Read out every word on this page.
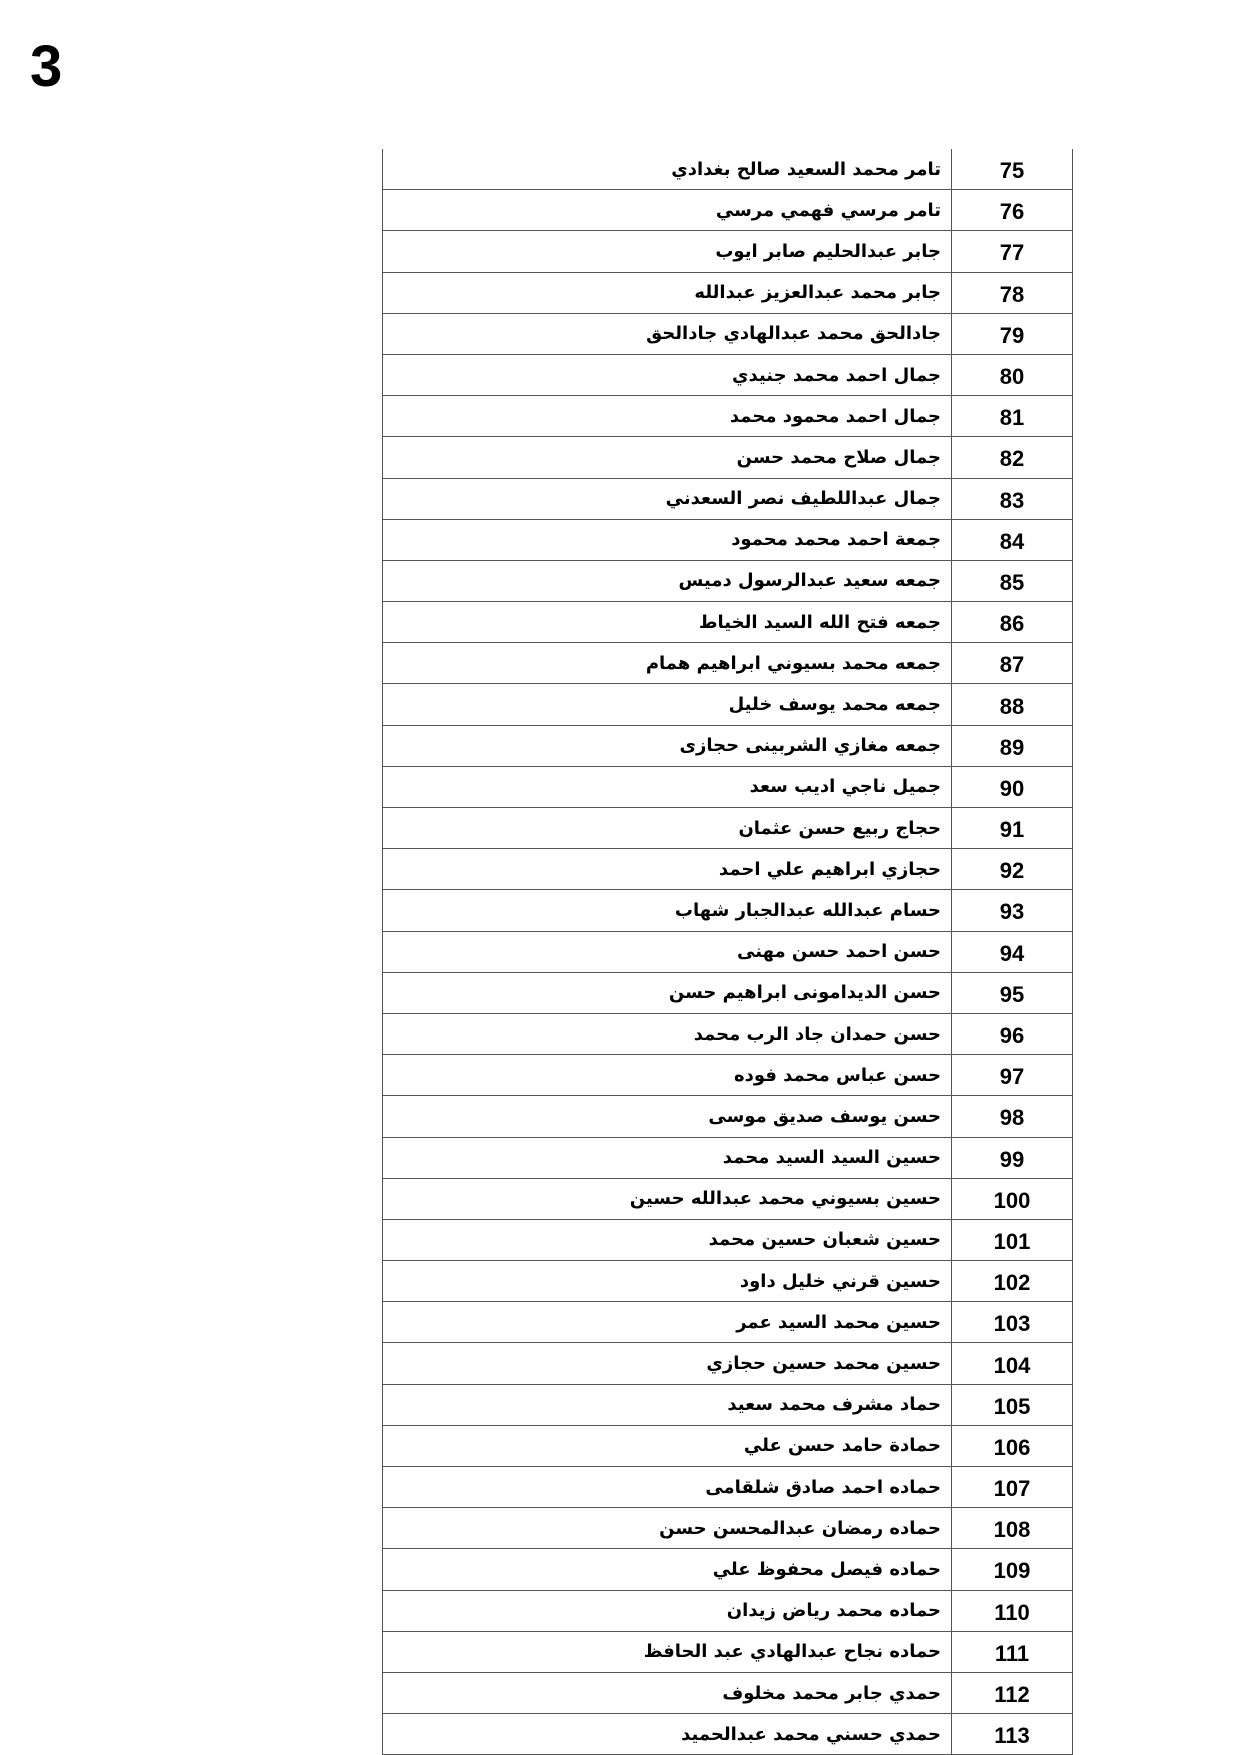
3
تامر محمد السعيد صالح بغدادي	75
تامر مرسي فهمي مرسي	76
جابر عبدالحليم صابر ايوب	77
جابر محمد عبدالعزيز عبدالله	78
جادالحق محمد عبدالهادي جادالحق	79
جمال احمد محمد جنيدي	80
جمال احمد محمود محمد	81
جمال صلاح محمد حسن	82
جمال عبداللطيف نصر السعدني	83
جمعة احمد محمد محمود	84
جمعه سعيد عبدالرسول دميس	85
جمعه فتح الله السيد الخياط	86
جمعه محمد بسيوني ابراهيم همام	87
جمعه محمد يوسف خليل	88
جمعه مغازي الشربينى حجازى	89
جميل ناجي اديب سعد	90
حجاج ربيع حسن عثمان	91
حجازي ابراهيم علي احمد	92
حسام عبدالله عبدالجبار شهاب	93
حسن احمد حسن مهنى	94
حسن الديدامونى ابراهيم حسن	95
حسن حمدان جاد الرب محمد	96
حسن عباس محمد فوده	97
حسن يوسف صديق موسى	98
حسين السيد السيد محمد	99
حسين بسيوني محمد عبدالله حسين	100
حسين شعبان حسين محمد	101
حسين قرني خليل داود	102
حسين محمد السيد عمر	103
حسين محمد حسين حجازي	104
حماد مشرف محمد سعيد	105
حمادة حامد حسن علي	106
حماده احمد صادق شلقامى	107
حماده رمضان عبدالمحسن حسن	108
حماده فيصل محفوظ علي	109
حماده محمد رياض زيدان	110
حماده نجاح عبدالهادي عبد الحافظ	111
حمدي جابر محمد مخلوف	112
حمدي حسني محمد عبدالحميد	113
